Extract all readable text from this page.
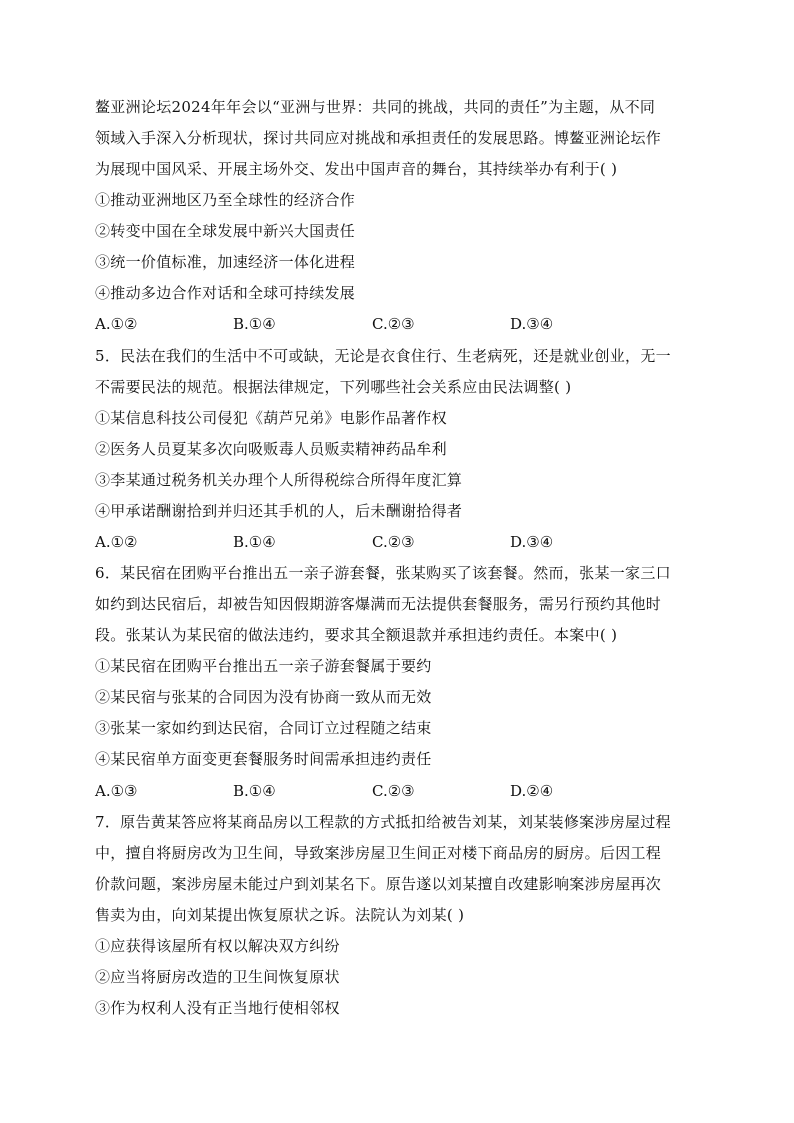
鳌亚洲论坛2024年年会以“亚洲与世界：共同的挑战，共同的责任”为主题，从不同
领域入手深入分析现状，探讨共同应对挑战和承担责任的发展思路。博鳌亚洲论坛作
为展现中国风采、开展主场外交、发出中国声音的舞台，其持续举办有利于( )
①推动亚洲地区乃至全球性的经济合作
②转变中国在全球发展中新兴大国责任
③统一价值标准，加速经济一体化进程
④推动多边合作对话和全球可持续发展
A.①②	B.①④	C.②③	D.③④
5．民法在我们的生活中不可或缺，无论是衣食住行、生老病死，还是就业创业，无一
不需要民法的规范。根据法律规定，下列哪些社会关系应由民法调整( )
①某信息科技公司侵犯《葫芦兄弟》电影作品著作权
②医务人员夏某多次向吸贩毒人员贩卖精神药品牟利
③李某通过税务机关办理个人所得税综合所得年度汇算
④甲承诺酬谢拾到并归还其手机的人，后未酬谢拾得者
A.①②	B.①④	C.②③	D.③④
6．某民宿在团购平台推出五一亲子游套餐，张某购买了该套餐。然而，张某一家三口
如约到达民宿后，却被告知因假期游客爆满而无法提供套餐服务，需另行预约其他时
段。张某认为某民宿的做法违约，要求其全额退款并承担违约责任。本案中( )
①某民宿在团购平台推出五一亲子游套餐属于要约
②某民宿与张某的合同因为没有协商一致从而无效
③张某一家如约到达民宿，合同订立过程随之结束
④某民宿单方面变更套餐服务时间需承担违约责任
A.①③	B.①④	C.②③	D.②④
7．原告黄某答应将某商品房以工程款的方式抵扣给被告刘某，刘某装修案涉房屋过程
中，擅自将厨房改为卫生间，导致案涉房屋卫生间正对楼下商品房的厨房。后因工程
价款问题，案涉房屋未能过户到刘某名下。原告遂以刘某擅自改建影响案涉房屋再次
售卖为由，向刘某提出恢复原状之诉。法院认为刘某( )
①应获得该屋所有权以解决双方纠纷
②应当将厨房改造的卫生间恢复原状
③作为权利人没有正当地行使相邻权
